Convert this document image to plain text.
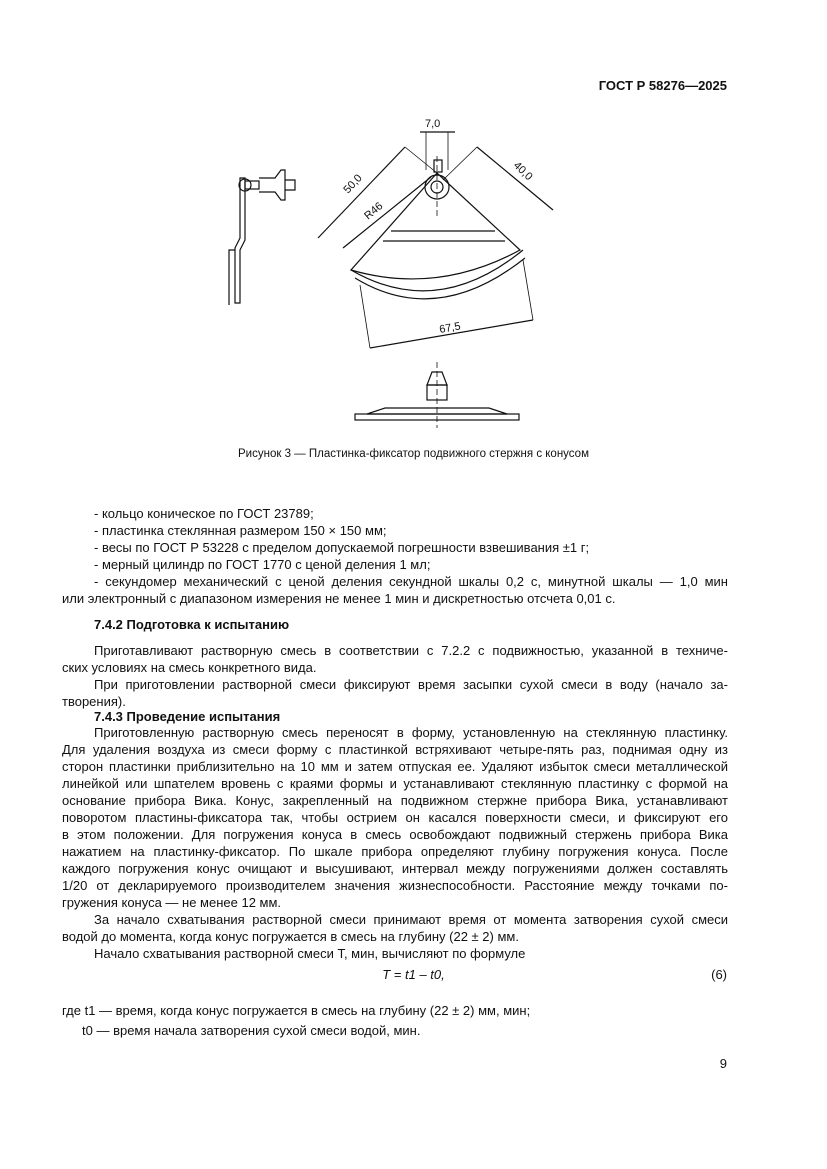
ГОСТ Р 58276—2025
7,0
50,0
R46
40,0
67,5
Рисунок 3 — Пластинка-фиксатор подвижного стержня с конусом
- кольцо коническое по ГОСТ 23789;
- пластинка стеклянная размером 150 × 150 мм;
- весы по ГОСТ Р 53228 с пределом допускаемой погрешности взвешивания ±1 г;
- мерный цилиндр по ГОСТ 1770 с ценой деления 1 мл;
- секундомер механический с ценой деления секундной шкалы 0,2 с, минутной шкалы — 1,0 мин
или электронный с диапазоном измерения не менее 1 мин и дискретностью отсчета 0,01 с.
7.4.2 Подготовка к испытанию
Приготавливают растворную смесь в соответствии с 7.2.2 с подвижностью, указанной в техниче-
ских условиях на смесь конкретного вида.
При приготовлении растворной смеси фиксируют время засыпки сухой смеси в воду (начало за-
творения).
7.4.3 Проведение испытания
Приготовленную растворную смесь переносят в форму, установленную на стеклянную пластинку.
Для удаления воздуха из смеси форму с пластинкой встряхивают четыре-пять раз, поднимая одну из
сторон пластинки приблизительно на 10 мм и затем отпуская ее. Удаляют избыток смеси металлической
линейкой или шпателем вровень с краями формы и устанавливают стеклянную пластинку с формой на
основание прибора Вика. Конус, закрепленный на подвижном стержне прибора Вика, устанавливают
поворотом пластины-фиксатора так, чтобы острием он касался поверхности смеси, и фиксируют его
в этом положении. Для погружения конуса в смесь освобождают подвижный стержень прибора Вика
нажатием на пластинку-фиксатор. По шкале прибора определяют глубину погружения конуса. После
каждого погружения конус очищают и высушивают, интервал между погружениями должен составлять
1/20 от декларируемого производителем значения жизнеспособности. Расстояние между точками по-
гружения конуса — не менее 12 мм.
За начало схватывания растворной смеси принимают время от момента затворения сухой смеси
водой до момента, когда конус погружается в смесь на глубину (22 ± 2) мм.
Начало схватывания растворной смеси T, мин, вычисляют по формуле
T = t1 – t0,	(6)
где t1 — время, когда конус погружается в смесь на глубину (22 ± 2) мм, мин;
t0 — время начала затворения сухой смеси водой, мин.
9
